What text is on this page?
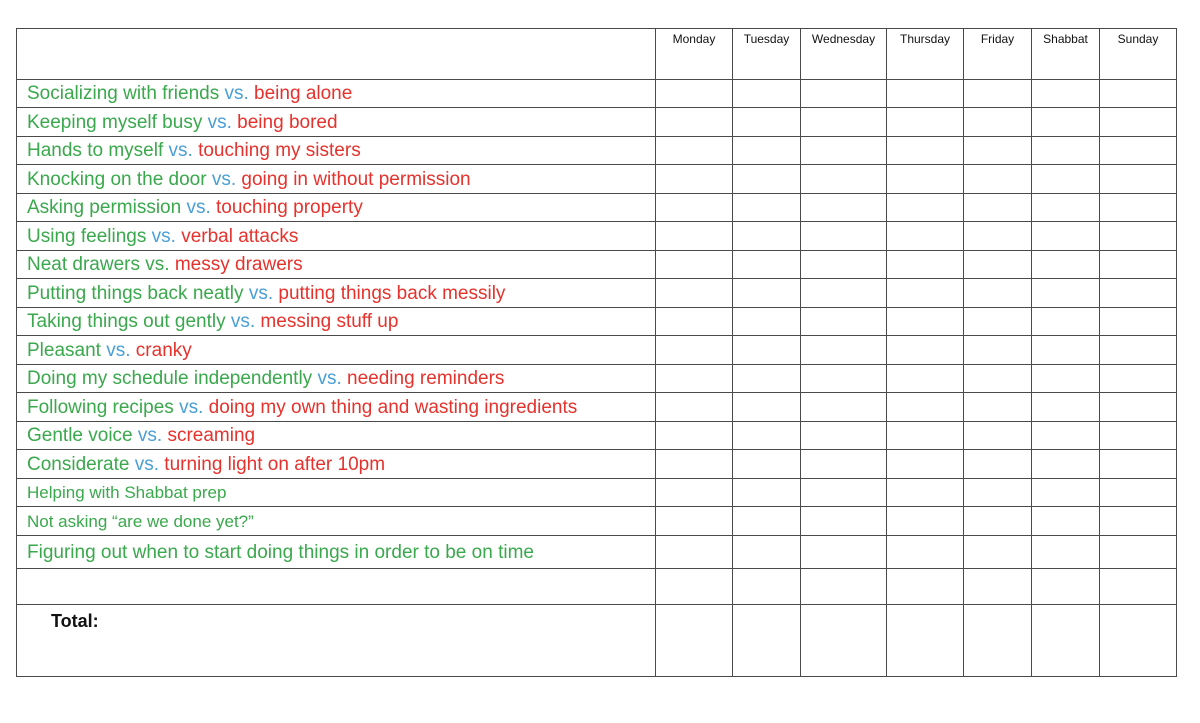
	Monday	Tuesday	Wednesday	Thursday	Friday	Shabbat	Sunday
Socializing with friends vs. being alone							
Keeping myself busy vs. being bored							
Hands to myself vs. touching my sisters							
Knocking on the door vs. going in without permission							
Asking permission vs. touching property							
Using feelings vs. verbal attacks							
Neat drawers vs. messy drawers							
Putting things back neatly vs. putting things back messily							
Taking things out gently vs. messing stuff up							
Pleasant vs. cranky							
Doing my schedule independently vs. needing reminders							
Following recipes vs. doing my own thing and wasting ingredients							
Gentle voice vs. screaming							
Considerate vs. turning light on after 10pm							
Helping with Shabbat prep							
Not asking “are we done yet?”							
Figuring out when to start doing things in order to be on time							

Total:							
